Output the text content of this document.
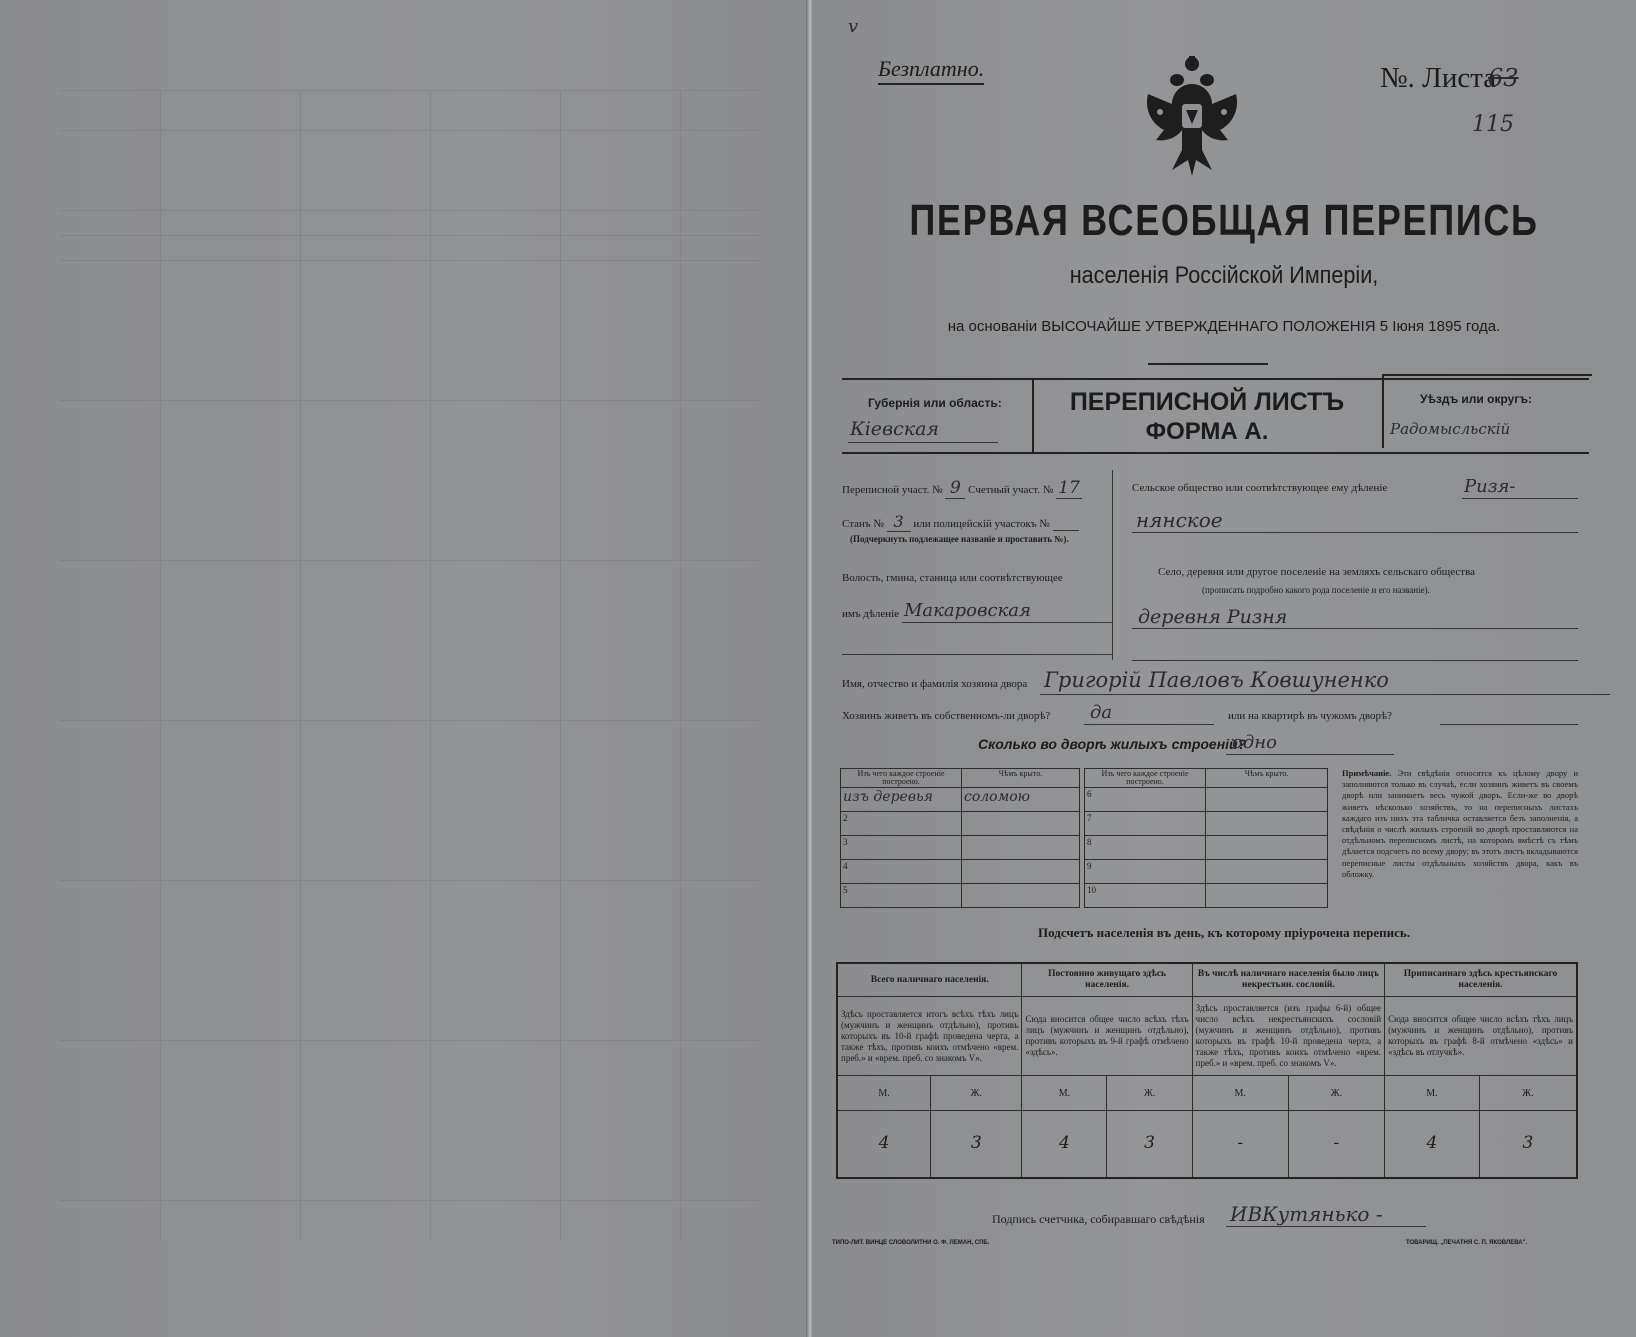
v
Безплатно.	№. Листа
63
115
ПЕРВАЯ ВСЕОБЩАЯ ПЕРЕПИСЬ
населенія Россійской Имперіи,
на основаніи ВЫСОЧАЙШЕ УТВЕРЖДЕННАГО ПОЛОЖЕНІЯ 5 Іюня 1895 года.
Губернія или область:
Кіевская
ПЕРЕПИСНОЙ ЛИСТЪ
ФОРМА А.
Уѣздъ или округъ:
Радомысльскій
Переписной участ. № 9 Счетный участ. № 17
Станъ № 3 или полицейскій участокъ №
(Подчеркнуть подлежащее названіе и проставить №).
Волость, гмина, станица или соотвѣтствующее
имъ дѣленіе Макаровская
Сельское общество или соотвѣтствующее ему дѣленіе	Ризя-
нянское
Село, деревня или другое поселеніе на земляхъ сельскаго общества
(прописать подробно какого рода поселеніе и его названіе).
деревня Ризня
Имя, отчество и фамилія хозяина двора Григорій Павловъ Ковшуненко
Хозяинъ живетъ въ собственномъ-ли дворѣ? да	или на квартирѣ въ чужомъ дворѣ?
Сколько во дворѣ жилыхъ строеній?
одно
Изъ чего каждое строеніе построено.	Чѣмъ крыто.
изъ деревья	соломою
2	
3	
4	
5	
Изъ чего каждое строеніе построено.	Чѣмъ крыто.
6	
7	
8	
9	
10	
Примѣчаніе. Эти свѣдѣнія относятся къ цѣлому двору и заполняются только въ случаѣ, если хозяинъ живетъ въ своемъ дворѣ или занимаетъ весь чужой дворъ. Если-же во дворѣ живетъ нѣсколько хозяйствъ, то на переписныхъ листахъ каждаго изъ нихъ эта табличка оставляется безъ заполненія, а свѣдѣнія о числѣ жилыхъ строеній во дворѣ проставляются на отдѣльномъ переписномъ листѣ, на которомъ вмѣстѣ съ тѣмъ дѣлается подсчетъ по всему двору; въ этотъ листъ вкладываются переписные листы отдѣльныхъ хозяйствъ двора, какъ въ обложку.
Подсчетъ населенія въ день, къ которому пріурочена перепись.
Всего наличнаго населенія.		Постоянно живущаго здѣсь населенія.		Въ числѣ наличнаго населенія было лицъ некрестьян. сословій.		Приписаннаго здѣсь крестьянскаго населенія.	
Здѣсь проставляется итогъ всѣхъ тѣхъ лицъ (мужчинъ и женщинъ отдѣльно), противъ которыхъ въ 10-й графѣ проведена черта, а также тѣхъ, противъ коихъ отмѣчено «врем. преб.» и «врем. преб. со знакомъ V».		Сюда вносится общее число всѣхъ тѣхъ лицъ (мужчинъ и женщинъ отдѣльно), противъ которыхъ въ 9-й графѣ отмѣчено «здѣсь».		Здѣсь проставляется (изъ графы 6-й) общее число всѣхъ некрестьянскихъ сословій (мужчинъ и женщинъ отдѣльно), противъ которыхъ въ графѣ 10-й проведена черта, а также тѣхъ, противъ коихъ отмѣчено «врем. преб.» и «врем. преб. со знакомъ V».		Сюда вносится общее число всѣхъ тѣхъ лицъ (мужчинъ и женщинъ отдѣльно), противъ которыхъ въ графѣ 8-й отмѣчено «здѣсь» и «здѣсь въ отлучкѣ».	
М.	Ж.	М.	Ж.	М.	Ж.	М.	Ж.
4	3	4	3	-	-	4	3
Подпись счетчика, собиравшаго свѣдѣнія ИВКутянько -
ТИПО-ЛИТ. ВИНЦЕ СЛОВОЛИТНИ О. Ф. ЛЕМАН, СПБ.	ТОВАРИЩ. „ПЕЧАТНЯ С. П. ЯКОВЛЕВА".
